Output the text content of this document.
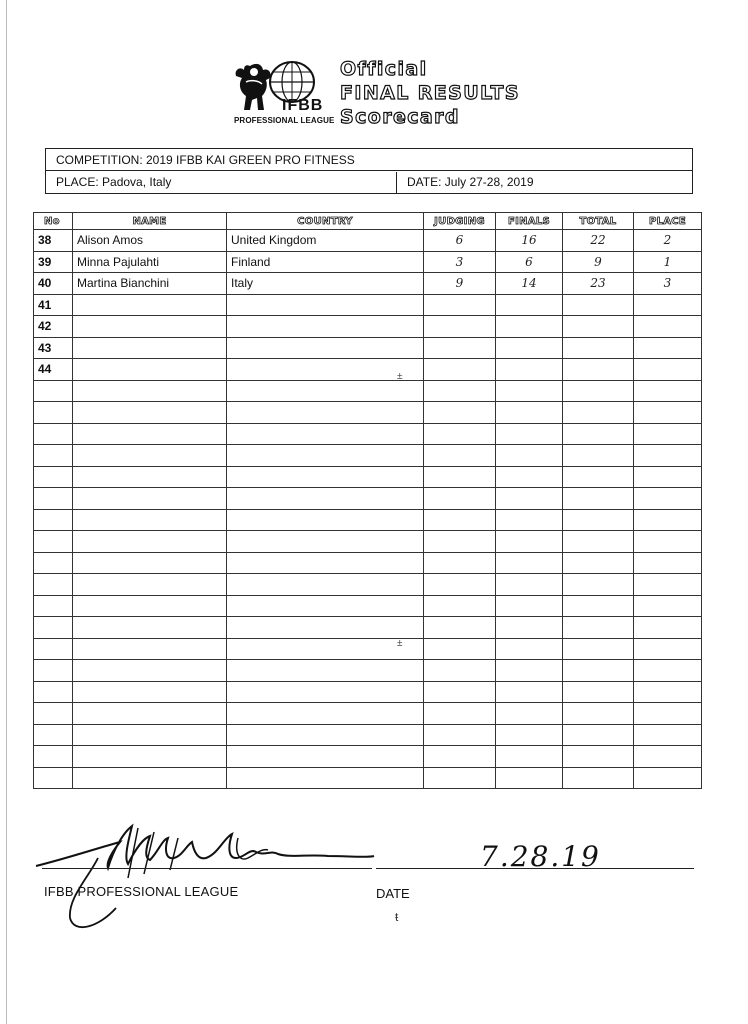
IFBB
PROFESSIONAL LEAGUE
Official
FINAL RESULTS
Scorecard
COMPETITION: 2019 IFBB KAI GREEN PRO FITNESS
PLACE: Padova, Italy	DATE: July 27-28, 2019
No	NAME	COUNTRY	JUDGING	FINALS	TOTAL	PLACE
38	Alison Amos	United Kingdom	6	16	22	2
39	Minna Pajulahti	Finland	3	6	9	1
40	Martina Bianchini	Italy	9	14	23	3
41						
42						
43						
44						

±
±
IFBB PROFESSIONAL LEAGUE	DATE
7.28.19
ŧ
